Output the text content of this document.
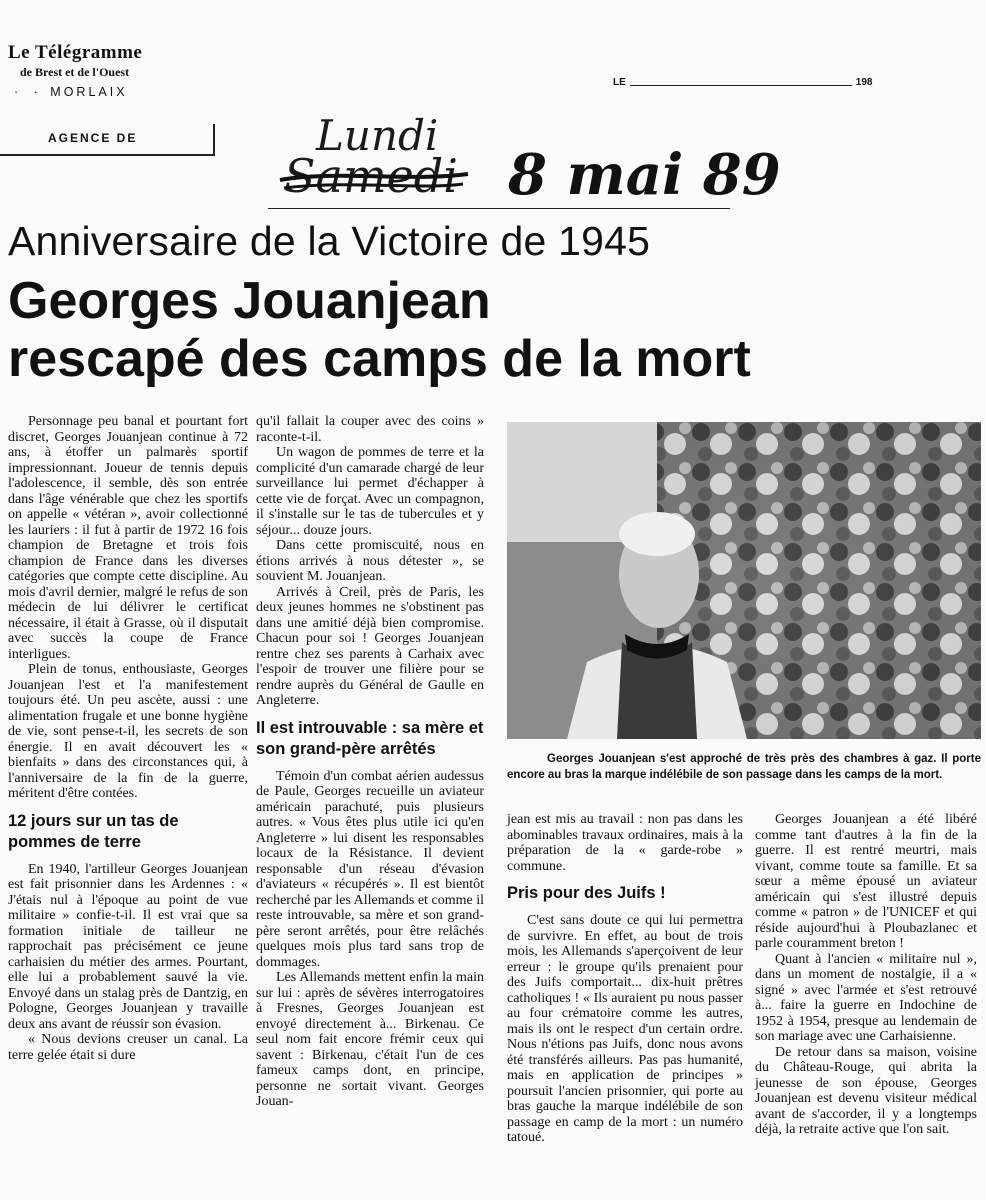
Le Télégramme
de Brest et de l'Ouest
· · MORLAIX
AGENCE DE
LE	198
Lundi
Samedi 8 mai 89
Anniversaire de la Victoire de 1945
Georges Jouanjean
rescapé des camps de la mort

Personnage peu banal et pourtant fort discret, Georges Jouanjean continue à 72 ans, à étoffer un palmarès sportif impressionnant. Joueur de tennis depuis l'adolescence, il semble, dès son entrée dans l'âge vénérable que chez les sportifs on appelle « vétéran », avoir collectionné les lauriers : il fut à partir de 1972 16 fois champion de Bretagne et trois fois champion de France dans les diverses catégories que compte cette discipline. Au mois d'avril dernier, malgré le refus de son médecin de lui délivrer le certificat nécessaire, il était à Grasse, où il disputait avec succès la coupe de France interligues.

Plein de tonus, enthousiaste, Georges Jouanjean l'est et l'a manifestement toujours été. Un peu ascète, aussi : une alimentation frugale et une bonne hygiène de vie, sont pense-t-il, les secrets de son énergie. Il en avait découvert les « bienfaits » dans des circonstances qui, à l'anniversaire de la fin de la guerre, méritent d'être contées.

12 jours sur un tas de pommes de terre

En 1940, l'artilleur Georges Jouanjean est fait prisonnier dans les Ardennes : « J'étais nul à l'époque au point de vue militaire » confie-t-il. Il est vrai que sa formation initiale de tailleur ne rapprochait pas précisément ce jeune carhaisien du métier des armes. Pourtant, elle lui a probablement sauvé la vie. Envoyé dans un stalag près de Dantzig, en Pologne, Georges Jouanjean y travaille deux ans avant de réussir son évasion.

« Nous devions creuser un canal. La terre gelée était si dure

qu'il fallait la couper avec des coins » raconte-t-il.

Un wagon de pommes de terre et la complicité d'un camarade chargé de leur surveillance lui permet d'échapper à cette vie de forçat. Avec un compagnon, il s'installe sur le tas de tubercules et y séjour... douze jours.

Dans cette promiscuité, nous en étions arrivés à nous détester », se souvient M. Jouanjean.

Arrivés à Creil, près de Paris, les deux jeunes hommes ne s'obstinent pas dans une amitié déjà bien compromise. Chacun pour soi ! Georges Jouanjean rentre chez ses parents à Carhaix avec l'espoir de trouver une filière pour se rendre auprès du Général de Gaulle en Angleterre.

Il est introuvable : sa mère et son grand-père arrêtés

Témoin d'un combat aérien audessus de Paule, Georges recueille un aviateur américain parachuté, puis plusieurs autres. « Vous êtes plus utile ici qu'en Angleterre » lui disent les responsables locaux de la Résistance. Il devient responsable d'un réseau d'évasion d'aviateurs « récupérés ». Il est bientôt recherché par les Allemands et comme il reste introuvable, sa mère et son grand-père seront arrêtés, pour être relâchés quelques mois plus tard sans trop de dommages.

Les Allemands mettent enfin la main sur lui : après de sévères interrogatoires à Fresnes, Georges Jouanjean est envoyé directement à... Birkenau. Ce seul nom fait encore frémir ceux qui savent : Birkenau, c'était l'un de ces fameux camps dont, en principe, personne ne sortait vivant. Georges Jouan-

Georges Jouanjean s'est approché de très près des chambres à gaz. Il porte encore au bras la marque indélébile de son passage dans les camps de la mort.

jean est mis au travail : non pas dans les abominables travaux ordinaires, mais à la préparation de la « garde-robe » commune.

Pris pour des Juifs !

C'est sans doute ce qui lui permettra de survivre. En effet, au bout de trois mois, les Allemands s'aperçoivent de leur erreur : le groupe qu'ils prenaient pour des Juifs comportait... dix-huit prêtres catholiques ! « Ils auraient pu nous passer au four crématoire comme les autres, mais ils ont le respect d'un certain ordre. Nous n'étions pas Juifs, donc nous avons été transférés ailleurs. Pas pas humanité, mais en application de principes » poursuit l'ancien prisonnier, qui porte au bras gauche la marque indélébile de son passage en camp de la mort : un numéro tatoué.

Georges Jouanjean a été libéré comme tant d'autres à la fin de la guerre. Il est rentré meurtri, mais vivant, comme toute sa famille. Et sa sœur a même épousé un aviateur américain qui s'est illustré depuis comme « patron » de l'UNICEF et qui réside aujourd'hui à Ploubazlanec et parle couramment breton !

Quant à l'ancien « militaire nul », dans un moment de nostalgie, il a « signé » avec l'armée et s'est retrouvé à... faire la guerre en Indochine de 1952 à 1954, presque au lendemain de son mariage avec une Carhaisienne.

De retour dans sa maison, voisine du Château-Rouge, qui abrita la jeunesse de son épouse, Georges Jouanjean est devenu visiteur médical avant de s'accorder, il y a longtemps déjà, la retraite active que l'on sait.
